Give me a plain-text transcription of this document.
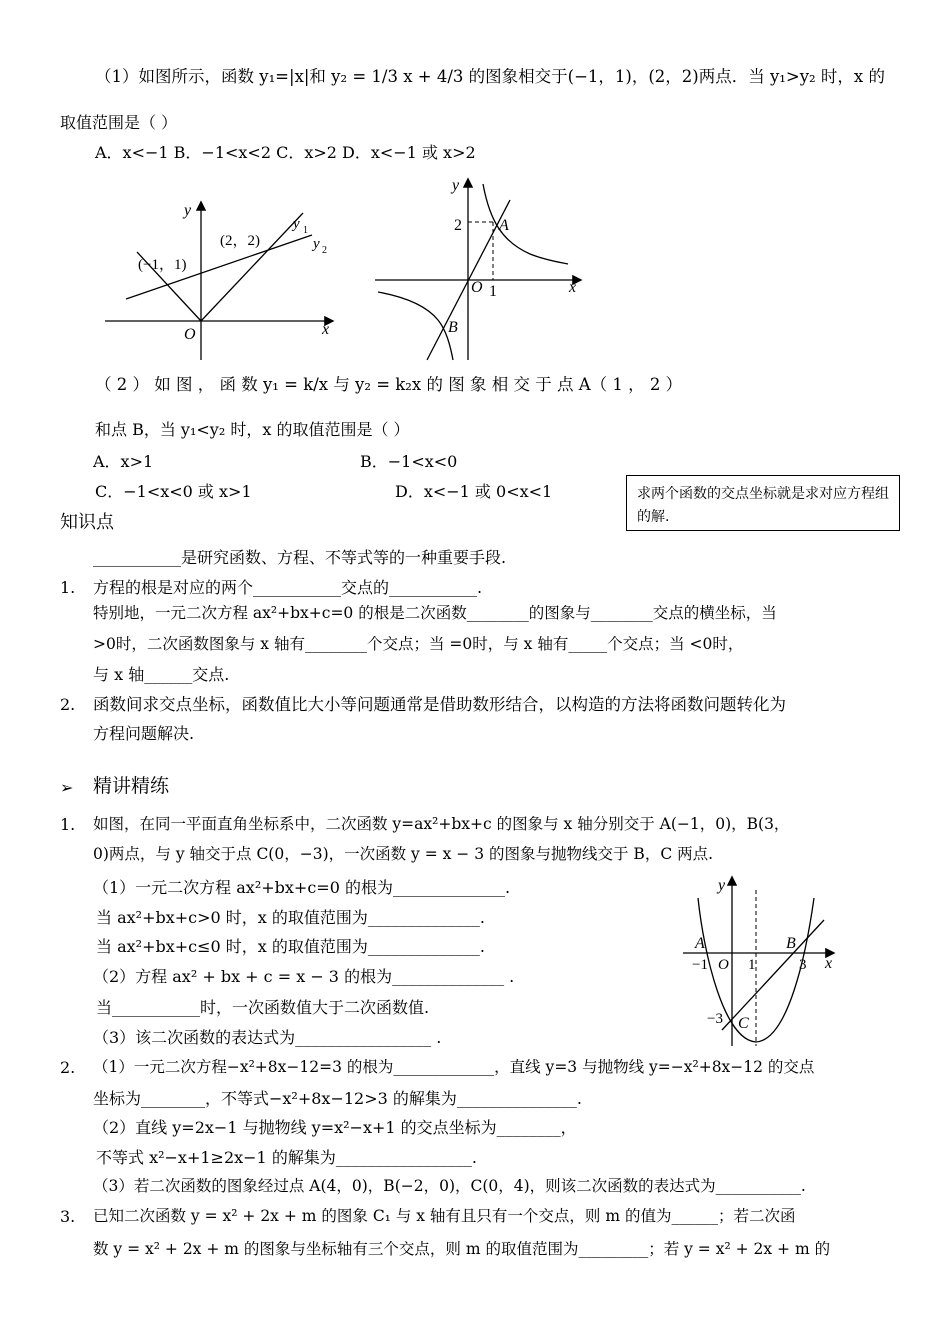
（1）如图所示，函数 y₁=|x|和 y₂ = 1/3 x + 4/3 的图象相交于(−1，1)，(2，2)两点．当 y₁>y₂ 时，x 的
取值范围是（ ）
A．x<−1 B．−1<x<2 C．x>2 D．x<−1 或 x>2
y
x
O
(−1，1)
(2，2)
y 1
y 2
y
x
O
2
1
A
B
（ 2 ） 如 图 ， 函 数 y₁ = k/x 与 y₂ = k₂x 的 图 象 相 交 于 点 A（ 1 ， 2 ）
和点 B，当 y₁<y₂ 时，x 的取值范围是（ ）
A．x>1	B．−1<x<0
C．−1<x<0 或 x>1	D．x<−1 或 0<x<1	求两个函数的交点坐标就是求对应方程组的解.
知识点
___________是研究函数、方程、不等式等的一种重要手段.
1. 方程的根是对应的两个___________交点的___________.
特别地，一元二次方程 ax²+bx+c=0 的根是二次函数________的图象与________交点的横坐标，当
>0时，二次函数图象与 x 轴有________个交点；当 =0时，与 x 轴有_____个交点；当 <0时，
与 x 轴______交点.
2. 函数间求交点坐标，函数值比大小等问题通常是借助数形结合，以构造的方法将函数问题转化为
方程问题解决.
➢ 精讲精练
1. 如图，在同一平面直角坐标系中，二次函数 y=ax²+bx+c 的图象与 x 轴分别交于 A(−1，0)，B(3，
0)两点，与 y 轴交于点 C(0，−3)，一次函数 y = x − 3 的图象与抛物线交于 B，C 两点.
（1）一元二次方程 ax²+bx+c=0 的根为______________.
当 ax²+bx+c>0 时，x 的取值范围为______________.
当 ax²+bx+c≤0 时，x 的取值范围为______________.
（2）方程 ax² + bx + c = x − 3 的根为______________ .
当___________时，一次函数值大于二次函数值.
（3）该二次函数的表达式为_________________ .
y
x
A	B
C
−1 O 1	3
−3
2. （1）一元二次方程−x²+8x−12=3 的根为_____________，直线 y=3 与抛物线 y=−x²+8x−12 的交点
坐标为________，不等式−x²+8x−12>3 的解集为_______________.
（2）直线 y=2x−1 与抛物线 y=x²−x+1 的交点坐标为________，
不等式 x²−x+1≥2x−1 的解集为_________________.
（3）若二次函数的图象经过点 A(4，0)，B(−2，0)，C(0，4)，则该二次函数的表达式为___________.
3. 已知二次函数 y = x² + 2x + m 的图象 C₁ 与 x 轴有且只有一个交点，则 m 的值为______；若二次函
数 y = x² + 2x + m 的图象与坐标轴有三个交点，则 m 的取值范围为_________；若 y = x² + 2x + m 的
